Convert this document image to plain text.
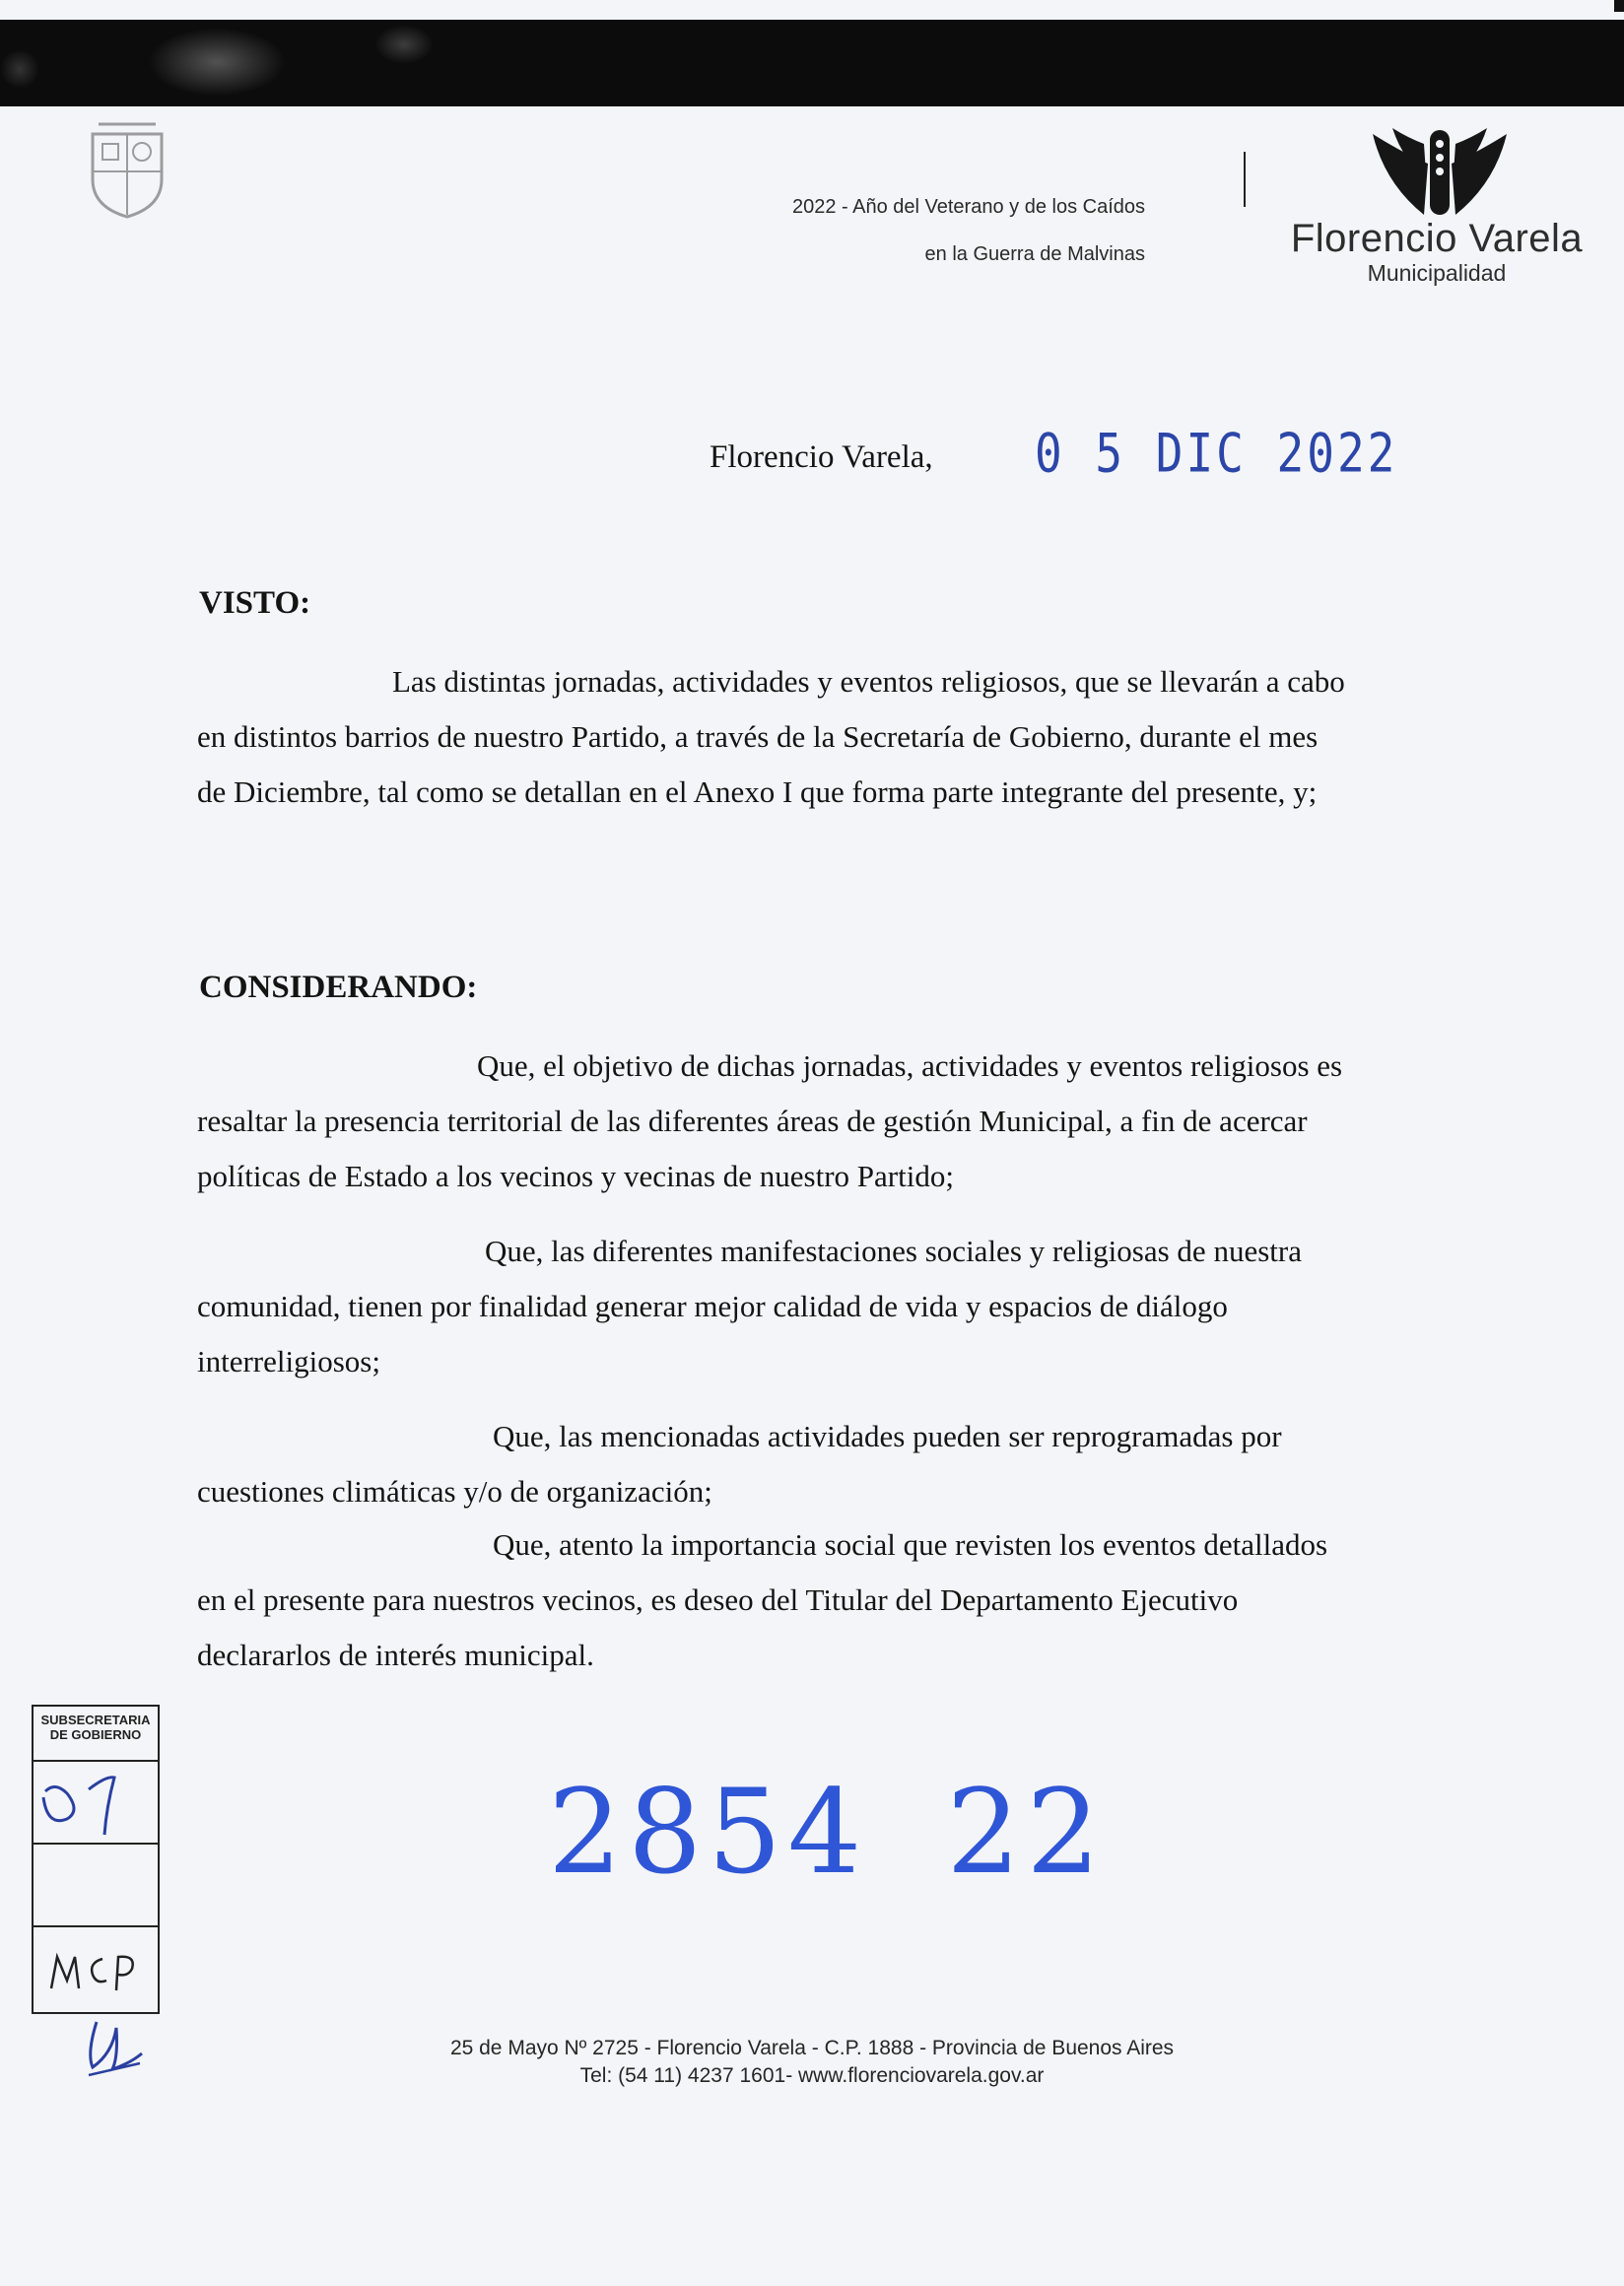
2022 - Año del Veterano y de los Caídos
en la Guerra de Malvinas	Florencio Varela
Municipalidad
Florencio Varela, 0 5 DIC 2022
VISTO:
Las distintas jornadas, actividades y eventos religiosos, que se llevarán a cabo
en distintos barrios de nuestro Partido, a través de la Secretaría de Gobierno, durante el mes
de Diciembre, tal como se detallan en el Anexo I que forma parte integrante del presente, y;
CONSIDERANDO:
Que, el objetivo de dichas jornadas, actividades y eventos religiosos es
resaltar la presencia territorial de las diferentes áreas de gestión Municipal, a fin de acercar
políticas de Estado a los vecinos y vecinas de nuestro Partido;
Que, las diferentes manifestaciones sociales y religiosas de nuestra
comunidad, tienen por finalidad generar mejor calidad de vida y espacios de diálogo
interreligiosos;
Que, las mencionadas actividades pueden ser reprogramadas por
cuestiones climáticas y/o de organización;
Que, atento la importancia social que revisten los eventos detallados
en el presente para nuestros vecinos, es deseo del Titular del Departamento Ejecutivo
declararlos de interés municipal.
2854 22
SUBSECRETARIA DE GOBIERNO
25 de Mayo Nº 2725 - Florencio Varela - C.P. 1888 - Provincia de Buenos Aires
Tel: (54 11) 4237 1601- www.florenciovarela.gov.ar
